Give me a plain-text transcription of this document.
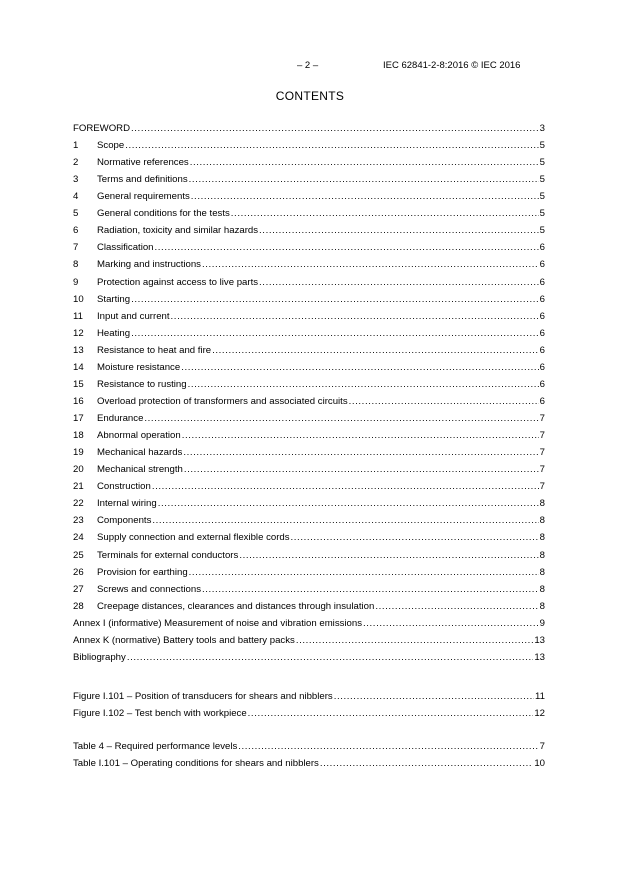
– 2 –	IEC 62841-2-8:2016 © IEC 2016
CONTENTS
FOREWORD .....	3
1	Scope .....	5
2	Normative references .....	5
3	Terms and definitions .....	5
4	General requirements .....	5
5	General conditions for the tests .....	5
6	Radiation, toxicity and similar hazards .....	5
7	Classification .....	6
8	Marking and instructions .....	6
9	Protection against access to live parts .....	6
10	Starting .....	6
11	Input and current .....	6
12	Heating .....	6
13	Resistance to heat and fire .....	6
14	Moisture resistance .....	6
15	Resistance to rusting .....	6
16	Overload protection of transformers and associated circuits .....	6
17	Endurance .....	7
18	Abnormal operation .....	7
19	Mechanical hazards .....	7
20	Mechanical strength .....	7
21	Construction .....	7
22	Internal wiring .....	8
23	Components .....	8
24	Supply connection and external flexible cords .....	8
25	Terminals for external conductors .....	8
26	Provision for earthing .....	8
27	Screws and connections .....	8
28	Creepage distances, clearances and distances through insulation .....	8
Annex I (informative) Measurement of noise and vibration emissions .....	9
Annex K (normative) Battery tools and battery packs .....	13
Bibliography .....	13
Figure I.101 – Position of transducers for shears and nibblers .....	11
Figure I.102 – Test bench with workpiece .....	12
Table 4 – Required performance levels .....	7
Table I.101 – Operating conditions for shears and nibblers .....	10
